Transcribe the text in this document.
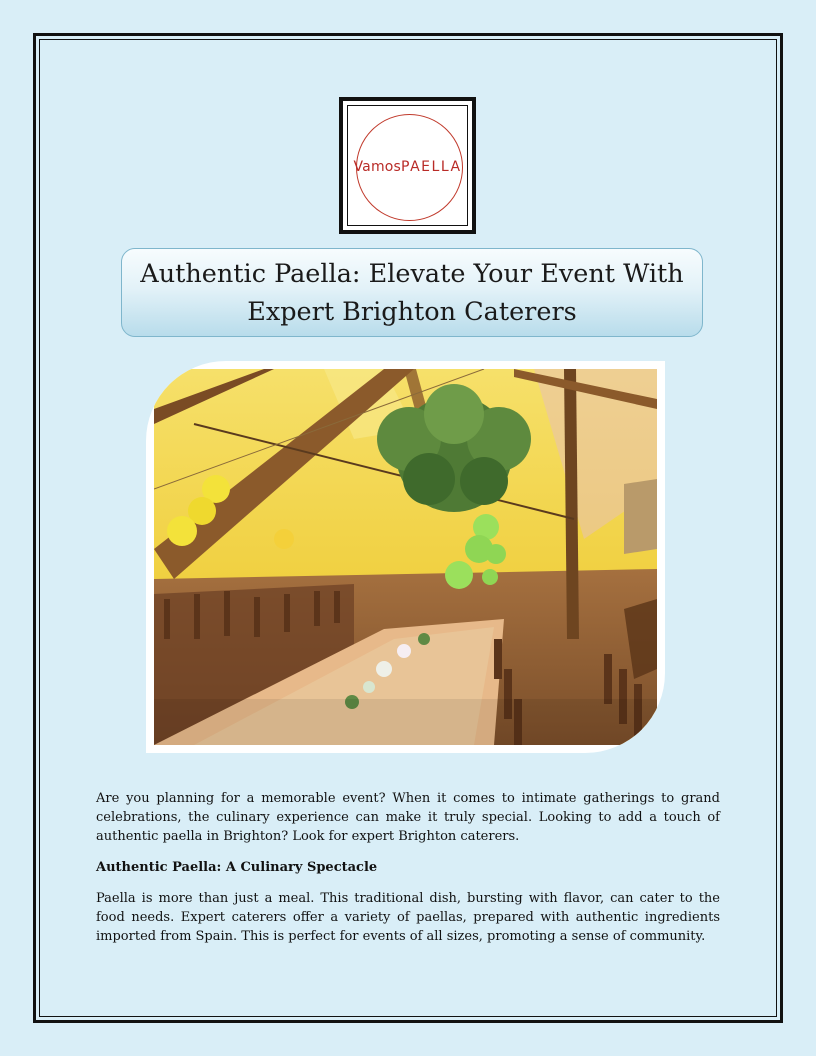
VamosPAELLA
Authentic Paella: Elevate Your Event With
Expert Brighton Caterers

Are you planning for a memorable event? When it comes to intimate gatherings to grand celebrations, the culinary experience can make it truly special. Looking to add a touch of authentic paella in Brighton? Look for expert Brighton caterers.

Authentic Paella: A Culinary Spectacle

Paella is more than just a meal. This traditional dish, bursting with flavor, can cater to the food needs. Expert caterers offer a variety of paellas, prepared with authentic ingredients imported from Spain. This is perfect for events of all sizes, promoting a sense of community.
